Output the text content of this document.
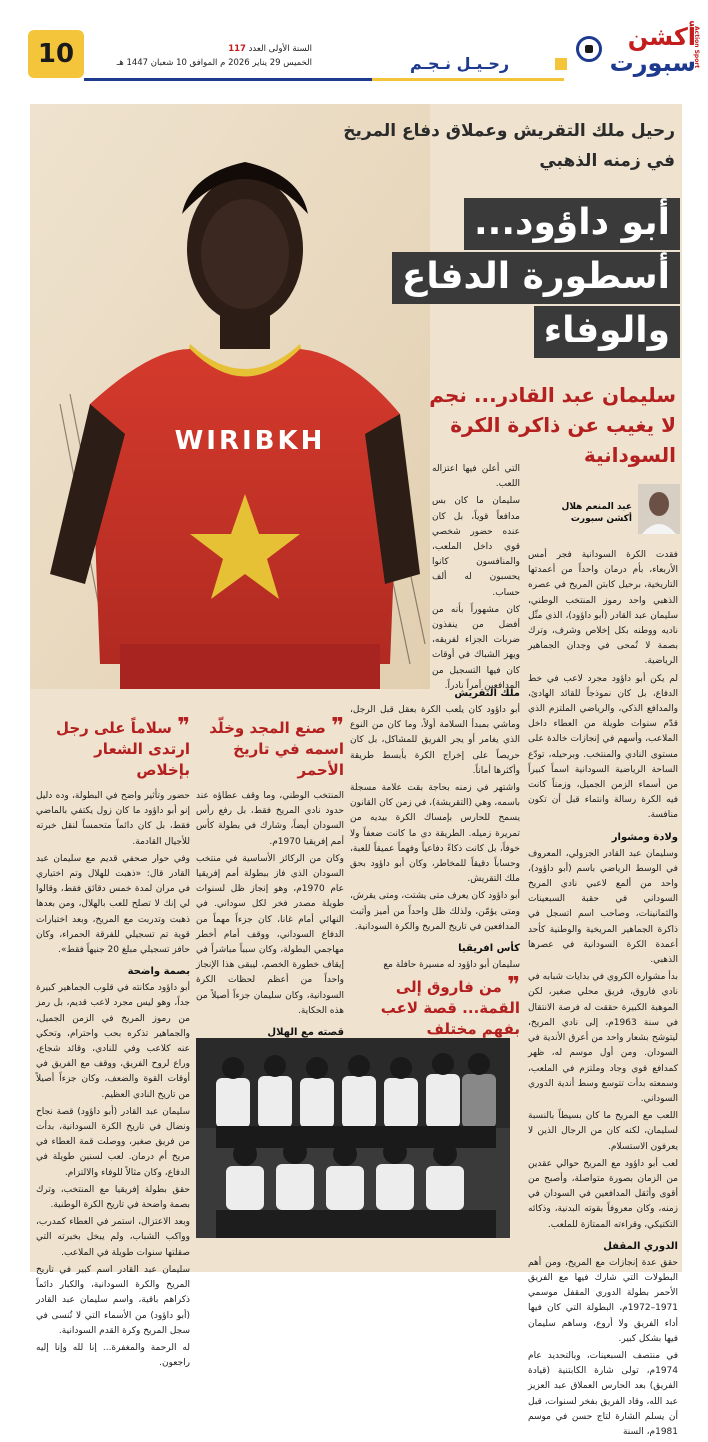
10	السنة الأولى العدد 117
الخميس 29 يناير 2026 م الموافق 10 شعبان 1447 هـ	رحـيـل نـجـم
أكشن
سبورت
Action Sport
WIRIBKH
رحيل ملك التقريش وعملاق دفاع المريخ في زمنه الذهبي
أبو داؤود...
أسطورة الدفاع
والوفاء
سليمان عبد القادر... نجم لا يغيب عن ذاكرة الكرة السودانية
عبد المنعم هلال
أكشن سبورت

فقدت الكرة السودانية فجر أمس الأربعاء، بأم درمان واحداً من أعمدتها التاريخية، برحيل كابتن المريخ في عصره الذهبي واحد رموز المنتخب الوطني، سليمان عبد القادر (أبو داؤود)، الذي مثّل ناديه ووطنه بكل إخلاص وشرف، وترك بصمة لا تُمحى في وجدان الجماهير الرياضية.

لم يكن أبو داؤود مجرد لاعب في خط الدفاع، بل كان نموذجاً للقائد الهادئ، والمدافع الذكي، والرياضي الملتزم الذي قدّم سنوات طويلة من العطاء داخل الملاعب، وأسهم في إنجازات خالدة على مستوى النادي والمنتخب. وبرحيله، تودّع الساحة الرياضية السودانية اسماً كبيراً من أسماء الزمن الجميل، وزمناً كانت فيه الكرة رسالة وانتماء قبل أن تكون منافسة.

ولادة ومشوار

وسليمان عبد القادر الجزولي، المعروف في الوسط الرياضي باسم (أبو داؤود)، واحد من ألمع لاعبي نادي المريخ السوداني في حقبة السبعينات والثمانينات، وصاحب اسم اتسجل في ذاكرة الجماهير المريخية والوطنية كأحد أعمدة الكرة السودانية في عصرها الذهبي.

بدأ مشواره الكروي في بدايات شبابه في نادي فاروق، فريق محلي صغير، لكن الموهبة الكبيرة حققت له فرصة الانتقال في سنة 1963م، إلى نادي المريخ، ليتوشح بشعار واحد من أعرق الأندية في السودان. ومن أول موسم له، ظهر كمدافع قوي وجاد وملتزم في الملعب، وسمعته بدأت تتوسع وسط أندية الدوري السوداني.

اللعب مع المريخ ما كان بسيطاً بالنسبة لسليمان، لكنه كان من الرجال الذين لا يعرفون الاستسلام.

لعب أبو داؤود مع المريخ حوالي عقدين من الزمان بصورة متواصلة، وأصبح من أقوى وأثقل المدافعين في السودان في زمنه، وكان معروفاً بقوته البدنية، وذكائه التكتيكي، وقراءته الممتازة للملعب.

الدوري المقفل

حقق عدة إنجازات مع المريخ، ومن أهم البطولات التي شارك فيها مع الفريق الأحمر بطولة الدوري المقفل موسمي 1971–1972م، البطولة التي كان فيها أداء الفريق ولا أروع، وساهم سليمان فيها بشكل كبير.

في منتصف السبعينات، وبالتحديد عام 1974م، تولى شارة الكابتنية (قيادة الفريق) بعد الحارس العملاق عبد العزيز عبد الله، وقاد الفريق بفخر لسنوات، قبل أن يسلم الشارة لتاج حسن في موسم 1981م، السنة

التي أعلن فيها اعتزاله اللعب.

سليمان ما كان بس مدافعاً قوياً، بل كان عنده حضور شخصي قوي داخل الملعب، والمنافسون كانوا يحسبون له ألف حساب.

كان مشهوراً بأنه من أفضل من ينفذون ضربات الجزاء لفريقه، ويهز الشباك في أوقات كان فيها التسجيل من المدافعين أمراً نادراً.

ملك التقريش

أبو داؤود كان يلعب الكرة بعقل قبل الرجل، وماشي بمبدأ السلامة أولاً، وما كان من النوع الذي يغامر أو يجر الفريق للمشاكل، بل كان حريصاً على إخراج الكرة بأبسط طريقة وأكثرها أماناً.

واشتهر في زمنه بحاجة بقت علامة مسجلة باسمه، وهي (التقريشة)، في زمن كان القانون يسمح للحارس بإمساك الكرة بيديه من تمريرة زميله. الطريقة دي ما كانت ضعفاً ولا خوفاً، بل كانت ذكاءً دفاعياً وفهماً عميقاً للعبة، وحساباً دقيقاً للمخاطر، وكان أبو داؤود بحق ملك التقريش.

أبو داؤود كان يعرف متى يشتت، ومتى يقرش، ومتى يؤمّن، ولذلك ظل واحداً من أميز وأثبت المدافعين في تاريخ المريخ والكرة السودانية.

كأس افريقيا

سليمان أبو داؤود له مسيرة حافلة مع

❞ من فاروق إلى القمة... قصة لاعب بفهم مختلف
❞ صنع المجد وخلّد اسمه في تاريخ الأحمر

المنتخب الوطني، وما وقف عطاؤه عند حدود نادي المريخ فقط، بل رفع رأس السودان أيضاً، وشارك في بطولة كأس أمم إفريقيا 1970م.

وكان من الركائز الأساسية في منتخب السودان الذي فاز ببطولة أمم إفريقيا عام 1970م، وهو إنجاز ظل لسنوات طويلة مصدر فخر لكل سوداني. في النهائي أمام غانا، كان جزءاً مهماً من الدفاع السوداني، ووقف أمام أخطر مهاجمي البطولة، وكان سبباً مباشراً في إيقاف خطورة الخصم، ليبقى هذا الإنجاز واحداً من أعظم لحظات الكرة السودانية، وكان سليمان جزءاً أصيلاً من هذه الحكاية.

قصته مع الهلال

❞ سلاماً على رجل ارتدى الشعار بإخلاص

حضور وتأثير واضح في البطولة، وده دليل إنو أبو داؤود ما كان زول يكتفي بالماضي فقط، بل كان دائماً متحمساً لنقل خبرته للأجيال القادمة.

وفي حوار صحفي قديم مع سليمان عبد القادر قال: «ذهبت للهلال وتم اختياري في مران لمدة خمس دقائق فقط، وقالوا لي إنك لا تصلح للعب بالهلال، ومن بعدها ذهبت وتدربت مع المريخ، وبعد اختبارات قوية تم تسجيلي للفرقة الحمراء، وكان حافز تسجيلي مبلغ 20 جنيهاً فقط».

بصمة واضحة

أبو داؤود مكانته في قلوب الجماهير كبيرة جداً، وهو ليس مجرد لاعب قديم، بل رمز من رموز المريخ في الزمن الجميل، والجماهير تذكره بحب واحترام، وتحكي عنه كلاعب وفي للنادي، وقائد شجاع، وراع لروح الفريق، ووقف مع الفريق في أوقات القوة والضعف، وكان جزءاً أصيلاً من تاريخ النادي العظيم.

سليمان عبد القادر (أبو داؤود) قصة نجاح ونضال في تاريخ الكرة السودانية، بدأت من فريق صغير، ووصلت قمة العطاء في مريخ أم درمان. لعب لسنين طويلة في الدفاع، وكان مثالاً للوفاء والالتزام.

حقق بطولة إفريقيا مع المنتخب، وترك بصمة واضحة في تاريخ الكرة الوطنية.

وبعد الاعتزال، استمر في العطاء كمدرب، وواكب الشباب، ولم يبخل بخبرته التي صقلتها سنوات طويلة في الملاعب.

سليمان عبد القادر اسم كبير في تاريخ المريخ والكرة السودانية، والكبار دائماً ذكراهم باقية، واسم سليمان عبد القادر (أبو داؤود) من الأسماء التي لا تُنسى في سجل المريخ وكرة القدم السودانية.

له الرحمة والمغفرة... إنا لله وإنا إليه راجعون.
